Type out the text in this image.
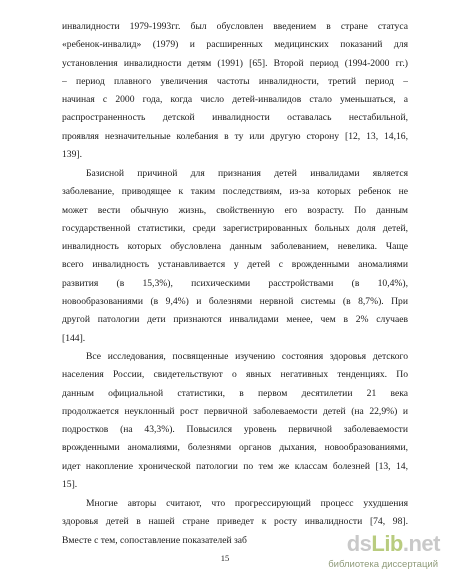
инвалидности 1979-1993гг. был обусловлен введением в стране статуса
«ребенок-инвалид» (1979) и расширенных медицинских показаний для
установления инвалидности детям (1991) [65]. Второй период (1994-2000 гг.)
– период плавного увеличения частоты инвалидности, третий период –
начиная с 2000 года, когда число детей-инвалидов стало уменьшаться, а
распространенность детской инвалидности оставалась нестабильной,
проявляя незначительные колебания в ту или другую сторону [12, 13, 14,16,
139].
Базисной причиной для признания детей инвалидами является
заболевание, приводящее к таким последствиям, из-за которых ребенок не
может вести обычную жизнь, свойственную его возрасту. По данным
государственной статистики, среди зарегистрированных больных доля детей,
инвалидность которых обусловлена данным заболеванием, невелика. Чаще
всего инвалидность устанавливается у детей с врожденными аномалиями
развития (в 15,3%), психическими расстройствами (в 10,4%),
новообразованиями (в 9,4%) и болезнями нервной системы (в 8,7%). При
другой патологии дети признаются инвалидами менее, чем в 2% случаев
[144].
Все исследования, посвященные изучению состояния здоровья детского
населения России, свидетельствуют о явных негативных тенденциях. По
данным официальной статистики, в первом десятилетии 21 века
продолжается неуклонный рост первичной заболеваемости детей (на 22,9%) и
подростков (на 43,3%). Повысился уровень первичной заболеваемости
врожденными аномалиями, болезнями органов дыхания, новообразованиями,
идет накопление хронической патологии по тем же классам болезней [13, 14,
15].
Многие авторы считают, что прогрессирующий процесс ухудшения
здоровья детей в нашей стране приведет к росту инвалидности [74, 98].
Вместе с тем, сопоставление показателей заб
15
dsLib.net
библиотека диссертаций
